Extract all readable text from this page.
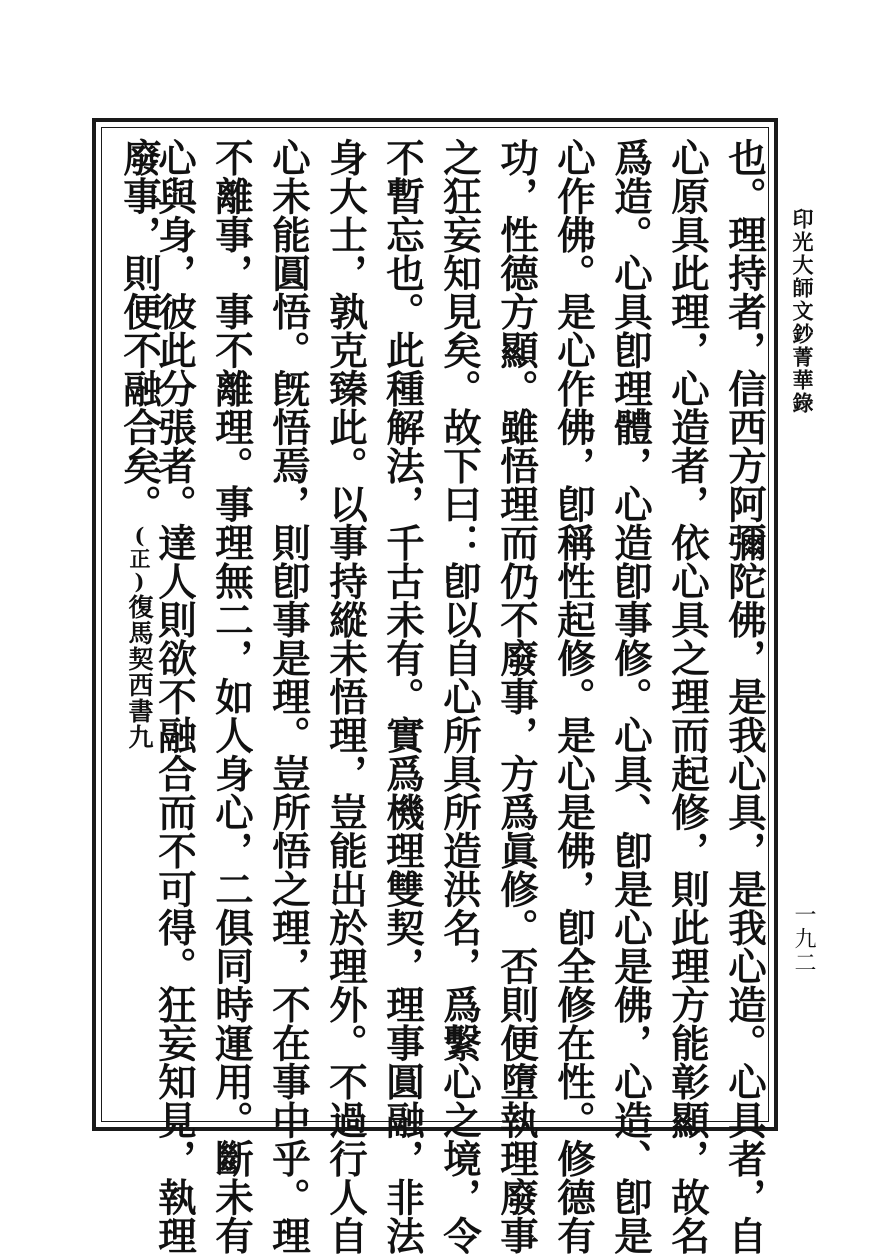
印光大師文鈔菁華錄
一九二
也。理持者，信西方阿彌陀佛，是我心具，是我心造。心具者，自
心原具此理，心造者，依心具之理而起修，則此理方能彰顯，故名
爲造。心具卽理體，心造卽事修。心具、卽是心是佛，心造、卽是
心作佛。是心作佛，卽稱性起修。是心是佛，卽全修在性。修德有
功，性德方顯。雖悟理而仍不廢事，方爲眞修。否則便墮執理廢事
之狂妄知見矣。故下曰：卽以自心所具所造洪名，爲繫心之境，令
不暫忘也。此種解法，千古未有。實爲機理雙契，理事圓融，非法
身大士，孰克臻此。以事持縱未悟理，豈能出於理外。不過行人自
心未能圓悟。旣悟焉，則卽事是理。豈所悟之理，不在事中乎。理
不離事，事不離理。事理無二，如人身心，二俱同時運用。斷未有
心與身，彼此分張者。達人則欲不融合而不可得。狂妄知見，執理
廢事，則便不融合矣。(正)復馬契西書九
